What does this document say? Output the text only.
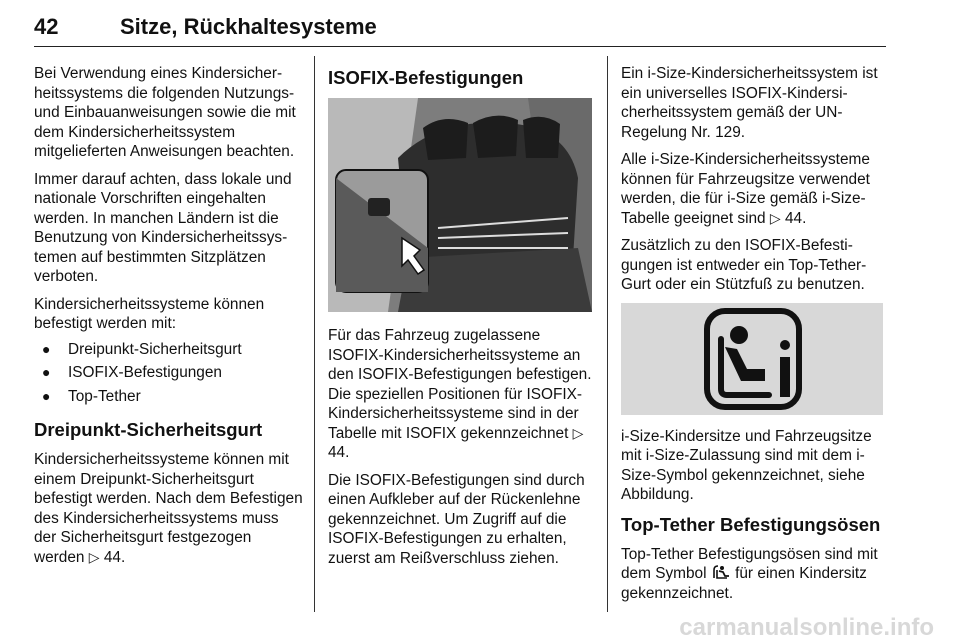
42	Sitze, Rückhaltesysteme

Bei Verwendung eines Kindersicherheitssystems die folgenden Nutzungs- und Einbauanweisungen sowie die mit dem Kindersicherheitssystem mitgelieferten Anweisungen beachten.

Immer darauf achten, dass lokale und nationale Vorschriften eingehalten werden. In manchen Ländern ist die Benutzung von Kindersicherheitssystemen auf bestimmten Sitzplätzen verboten.

Kindersicherheitssysteme können befestigt werden mit:

● Dreipunkt-Sicherheitsgurt
● ISOFIX-Befestigungen
● Top-Tether
Dreipunkt-Sicherheitsgurt

Kindersicherheitssysteme können mit einem Dreipunkt-Sicherheitsgurt befestigt werden. Nach dem Befestigen des Kindersicherheitssystems muss der Sicherheitsgurt festgezogen werden ▷ 44.

ISOFIX-Befestigungen

Für das Fahrzeug zugelassene ISOFIX-Kindersicherheitssysteme an den ISOFIX-Befestigungen befestigen. Die speziellen Positionen für ISOFIX-Kindersicherheitssysteme sind in der Tabelle mit ISOFIX gekennzeichnet ▷ 44.

Die ISOFIX-Befestigungen sind durch einen Aufkleber auf der Rückenlehne gekennzeichnet. Um Zugriff auf die ISOFIX-Befestigungen zu erhalten, zuerst am Reißverschluss ziehen.

Ein i-Size-Kindersicherheitssystem ist ein universelles ISOFIX-Kindersicherheitssystem gemäß der UN-Regelung Nr. 129.

Alle i-Size-Kindersicherheitssysteme können für Fahrzeugsitze verwendet werden, die für i-Size gemäß i-Size-Tabelle geeignet sind ▷ 44.

Zusätzlich zu den ISOFIX-Befestigungen ist entweder ein Top-Tether-Gurt oder ein Stützfuß zu benutzen.

i-Size-Kindersitze und Fahrzeugsitze mit i-Size-Zulassung sind mit dem i-Size-Symbol gekennzeichnet, siehe Abbildung.

Top-Tether Befestigungsösen

Top-Tether Befestigungsösen sind mit dem Symbol  für einen Kindersitz gekennzeichnet.

carmanualsonline.info
